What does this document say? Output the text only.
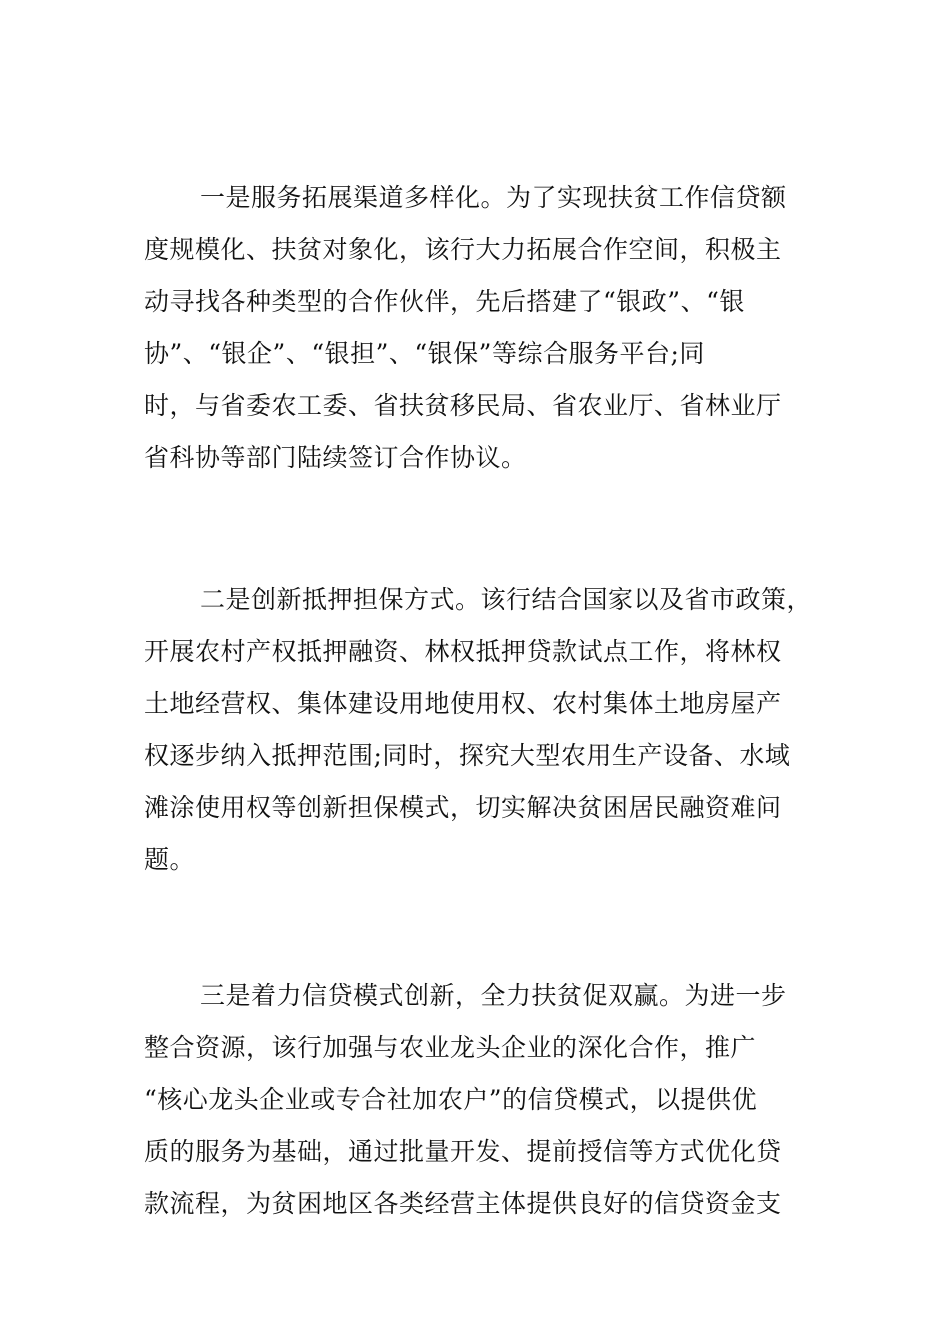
一是服务拓展渠道多样化。为了实现扶贫工作信贷额
度规模化、扶贫对象化，该行大力拓展合作空间，积极主
动寻找各种类型的合作伙伴，先后搭建了“银政”、“银
协”、“银企”、“银担”、“银保”等综合服务平台;同
时，与省委农工委、省扶贫移民局、省农业厅、省林业厅
省科协等部门陆续签订合作协议。
二是创新抵押担保方式。该行结合国家以及省市政策，
开展农村产权抵押融资、林权抵押贷款试点工作，将林权
土地经营权、集体建设用地使用权、农村集体土地房屋产
权逐步纳入抵押范围;同时，探究大型农用生产设备、水域
滩涂使用权等创新担保模式，切实解决贫困居民融资难问
题。
三是着力信贷模式创新，全力扶贫促双赢。为进一步
整合资源，该行加强与农业龙头企业的深化合作，推广
“核心龙头企业或专合社加农户”的信贷模式，以提供优
质的服务为基础，通过批量开发、提前授信等方式优化贷
款流程，为贫困地区各类经营主体提供良好的信贷资金支
